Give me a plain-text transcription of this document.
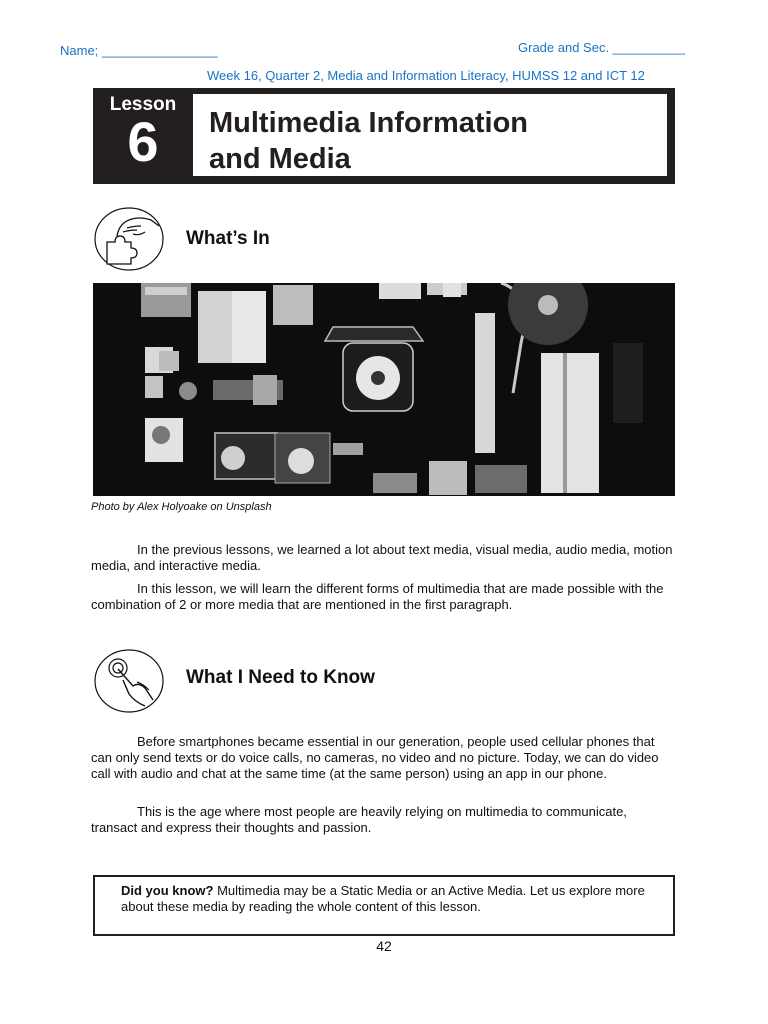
Name; ________________	Grade and Sec. __________
Week 16, Quarter 2, Media and Information Literacy, HUMSS 12 and ICT 12
Lesson
6	Multimedia Information
and Media
What’s In
Photo by Alex Holyoake on Unsplash

In the previous lessons, we learned a lot about text media, visual media, audio media, motion media, and interactive media.

In this lesson, we will learn the different forms of multimedia that are made possible with the combination of 2 or more media that are mentioned in the first paragraph.

What I Need to Know

Before smartphones became essential in our generation, people used cellular phones that can only send texts or do voice calls, no cameras, no video and no picture. Today, we can do video call with audio and chat at the same time (at the same person) using an app in our phone.

This is the age where most people are heavily relying on multimedia to communicate, transact and express their thoughts and passion.

Did you know? Multimedia may be a Static Media or an Active Media. Let us explore more about these media by reading the whole content of this lesson.
42
